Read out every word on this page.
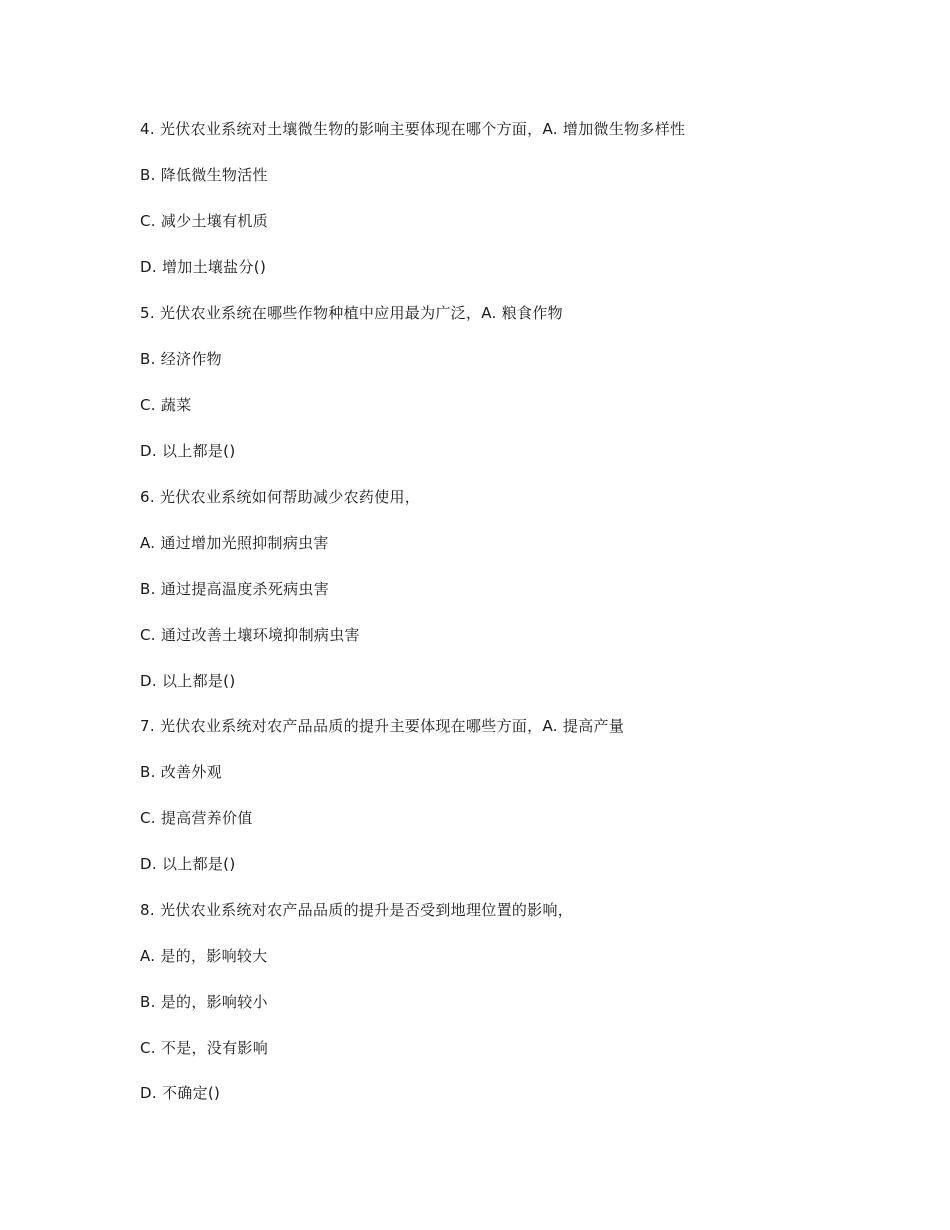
4. 光伏农业系统对土壤微生物的影响主要体现在哪个方面，A. 增加微生物多样性
B. 降低微生物活性
C. 减少土壤有机质
D. 增加土壤盐分()
5. 光伏农业系统在哪些作物种植中应用最为广泛，A. 粮食作物
B. 经济作物
C. 蔬菜
D. 以上都是()
6. 光伏农业系统如何帮助减少农药使用，
A. 通过增加光照抑制病虫害
B. 通过提高温度杀死病虫害
C. 通过改善土壤环境抑制病虫害
D. 以上都是()
7. 光伏农业系统对农产品品质的提升主要体现在哪些方面，A. 提高产量
B. 改善外观
C. 提高营养价值
D. 以上都是()
8. 光伏农业系统对农产品品质的提升是否受到地理位置的影响，
A. 是的，影响较大
B. 是的，影响较小
C. 不是，没有影响
D. 不确定()
